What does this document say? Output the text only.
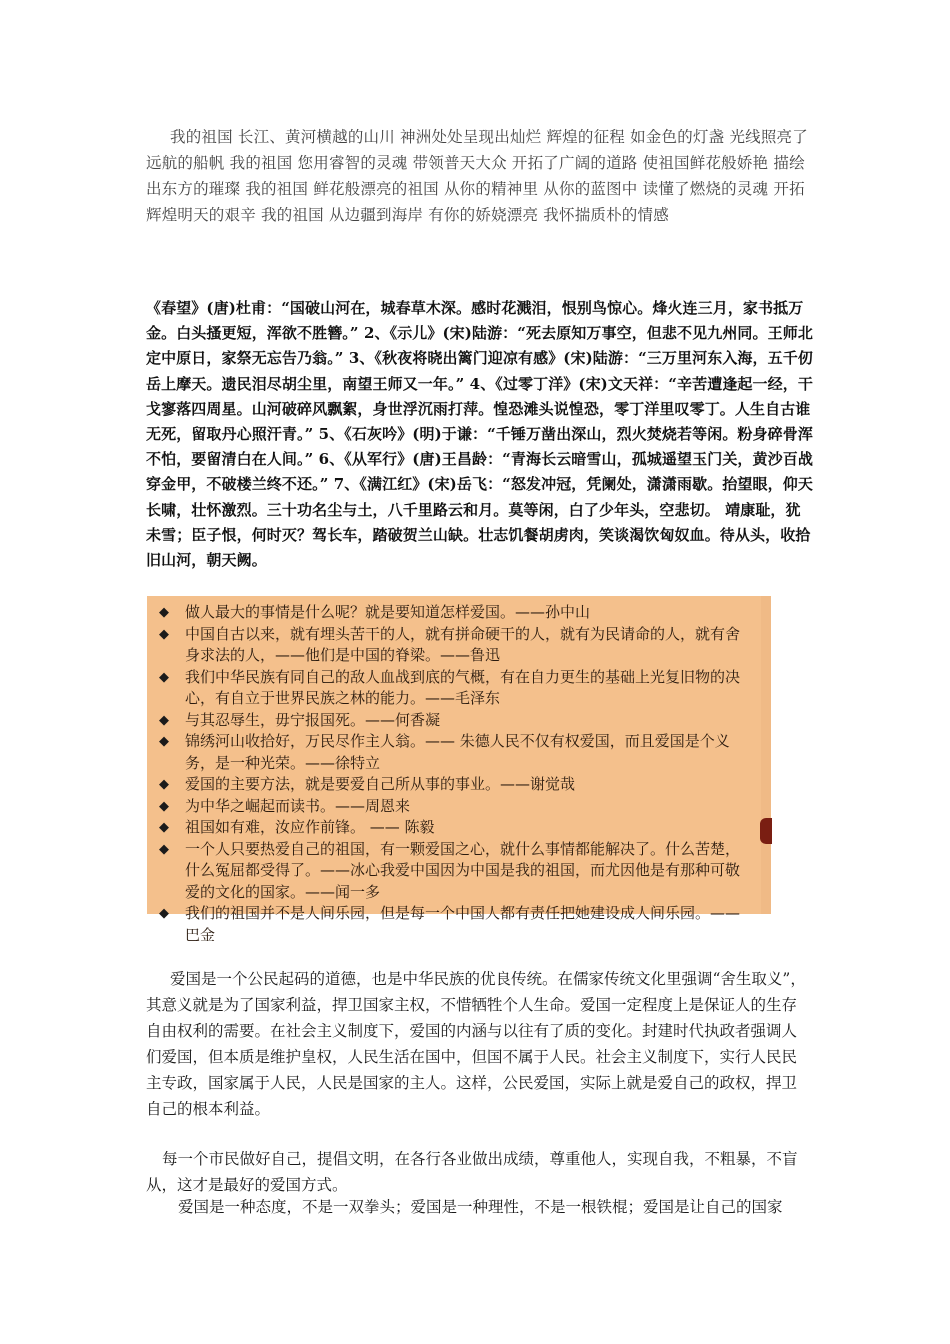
我的祖国 长江、黄河横越的山川 神洲处处呈现出灿烂 辉煌的征程 如金色的灯盏 光线照亮了远航的船帆 我的祖国 您用睿智的灵魂 带领普天大众 开拓了广阔的道路 使祖国鲜花般娇艳 描绘出东方的璀璨 我的祖国 鲜花般漂亮的祖国 从你的精神里 从你的蓝图中 读懂了燃烧的灵魂 开拓辉煌明天的艰辛 我的祖国 从边疆到海岸 有你的娇娆漂亮 我怀揣质朴的情感

《春望》(唐)杜甫：“国破山河在，城春草木深。感时花溅泪，恨别鸟惊心。烽火连三月，家书抵万金。白头搔更短，浑欲不胜簪。” 2、《示儿》(宋)陆游：“死去原知万事空，但悲不见九州同。王师北定中原日，家祭无忘告乃翁。” 3、《秋夜将晓出篱门迎凉有感》(宋)陆游：“三万里河东入海，五千仞岳上摩天。遗民泪尽胡尘里，南望王师又一年。” 4、《过零丁洋》(宋)文天祥：“辛苦遭逢起一经，干戈寥落四周星。山河破碎风飘絮，身世浮沉雨打萍。惶恐滩头说惶恐，零丁洋里叹零丁。人生自古谁无死，留取丹心照汗青。” 5、《石灰吟》(明)于谦：“千锤万凿出深山，烈火焚烧若等闲。粉身碎骨浑不怕，要留清白在人间。” 6、《从军行》(唐)王昌龄：“青海长云暗雪山，孤城遥望玉门关，黄沙百战穿金甲，不破楼兰终不还。” 7、《满江红》(宋)岳飞：“怒发冲冠，凭阑处，潇潇雨歇。抬望眼，仰天长啸，壮怀激烈。三十功名尘与土，八千里路云和月。莫等闲，白了少年头，空悲切。 靖康耻，犹未雪；臣子恨，何时灭？驾长车，踏破贺兰山缺。壮志饥餐胡虏肉，笑谈渴饮匈奴血。待从头，收拾旧山河，朝天阙。

◆	做人最大的事情是什么呢？就是要知道怎样爱国。——孙中山
◆	中国自古以来，就有埋头苦干的人，就有拼命硬干的人，就有为民请命的人，就有舍身求法的人，——他们是中国的脊梁。——鲁迅
◆	我们中华民族有同自己的敌人血战到底的气概，有在自力更生的基础上光复旧物的决心，有自立于世界民族之林的能力。——毛泽东
◆	与其忍辱生，毋宁报国死。——何香凝
◆	锦绣河山收拾好，万民尽作主人翁。—— 朱德人民不仅有权爱国，而且爱国是个义务，是一种光荣。——徐特立
◆	爱国的主要方法，就是要爱自己所从事的事业。——谢觉哉
◆	为中华之崛起而读书。——周恩来
◆	祖国如有难，汝应作前锋。 —— 陈毅
◆	一个人只要热爱自己的祖国，有一颗爱国之心，就什么事情都能解决了。什么苦楚，什么冤屈都受得了。——冰心我爱中国因为中国是我的祖国，而尤因他是有那种可敬爱的文化的国家。——闻一多
◆	我们的祖国并不是人间乐园，但是每一个中国人都有责任把她建设成人间乐园。——巴金

爱国是一个公民起码的道德，也是中华民族的优良传统。在儒家传统文化里强调“舍生取义”，其意义就是为了国家利益，捍卫国家主权，不惜牺牲个人生命。爱国一定程度上是保证人的生存自由权利的需要。在社会主义制度下，爱国的内涵与以往有了质的变化。封建时代执政者强调人们爱国，但本质是维护皇权，人民生活在国中，但国不属于人民。社会主义制度下，实行人民民主专政，国家属于人民，人民是国家的主人。这样，公民爱国，实际上就是爱自己的政权，捍卫自己的根本利益。

每一个市民做好自己，提倡文明，在各行各业做出成绩，尊重他人，实现自我，不粗暴，不盲从，这才是最好的爱国方式。

爱国是一种态度，不是一双拳头；爱国是一种理性，不是一根铁棍；爱国是让自己的国家
